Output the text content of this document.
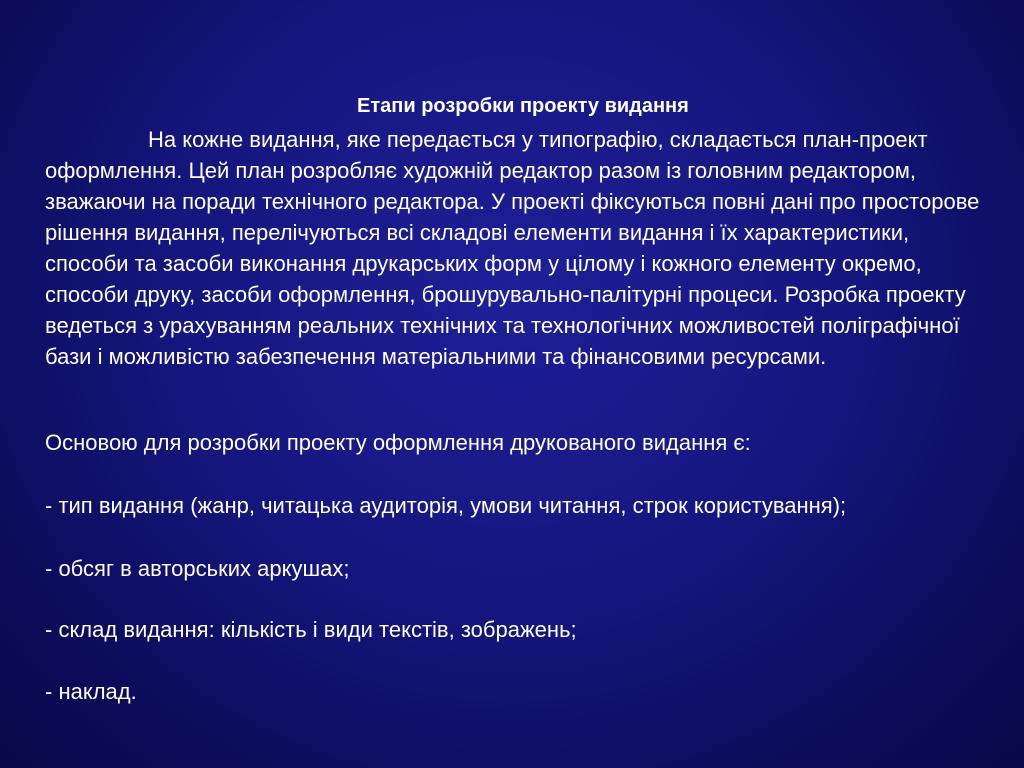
Етапи розробки проекту видання

На кожне видання, яке передається у типографію, складається план-проект оформлення. Цей план розробляє художній редактор разом із головним редактором, зважаючи на поради технічного редактора. У проекті фіксуються повні дані про просторове рішення видання, перелічуються всі складові елементи видання і їх характеристики, способи та засоби виконання друкарських форм у цілому і кожного елементу окремо, способи друку, засоби оформлення, брошурувально-палітурні процеси. Розробка проекту ведеться з урахуванням реальних технічних та технологічних можливостей поліграфічної бази і можливістю забезпечення матеріальними та фінансовими ресурсами.

Основою для розробки проекту оформлення друкованого видання є:

- тип видання (жанр, читацька аудиторія, умови читання, строк користування);

- обсяг в авторських аркушах;

- склад видання: кількість і види текстів, зображень;

- наклад.
